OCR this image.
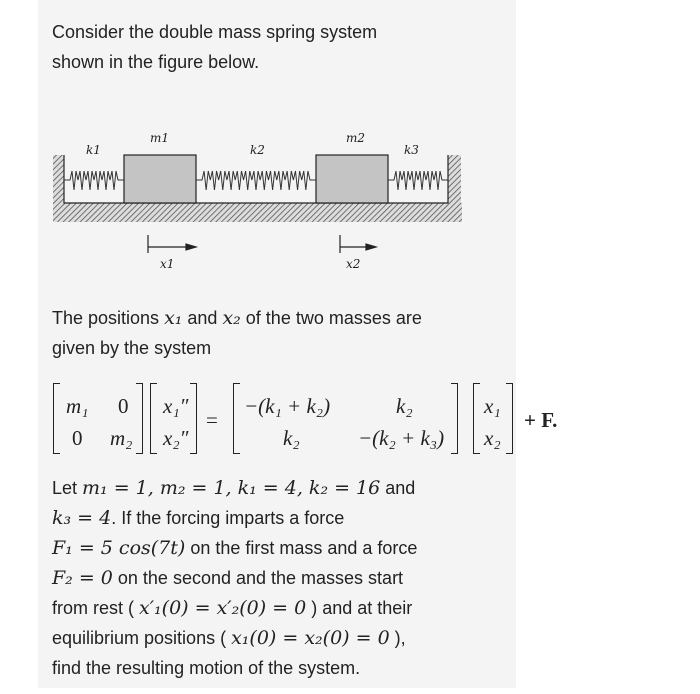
Consider the double mass spring system
shown in the figure below.
k1
m1
k2
m2
k3
x1	x2
The positions x₁ and x₂ of the two masses are
given by the system
m₁ 0
0 m₂
x₁″
x₂″
=
−(k₁ + k₂)	k₂
k₂	−(k₂ + k₃)
x₁
x₂
+ F.
Let m₁ = 1, m₂ = 1, k₁ = 4, k₂ = 16 and
k₃ = 4. If the forcing imparts a force
F₁ = 5 cos(7t) on the first mass and a force
F₂ = 0 on the second and the masses start
from rest ( x′₁(0) = x′₂(0) = 0 ) and at their
equilibrium positions ( x₁(0) = x₂(0) = 0 ),
find the resulting motion of the system.
